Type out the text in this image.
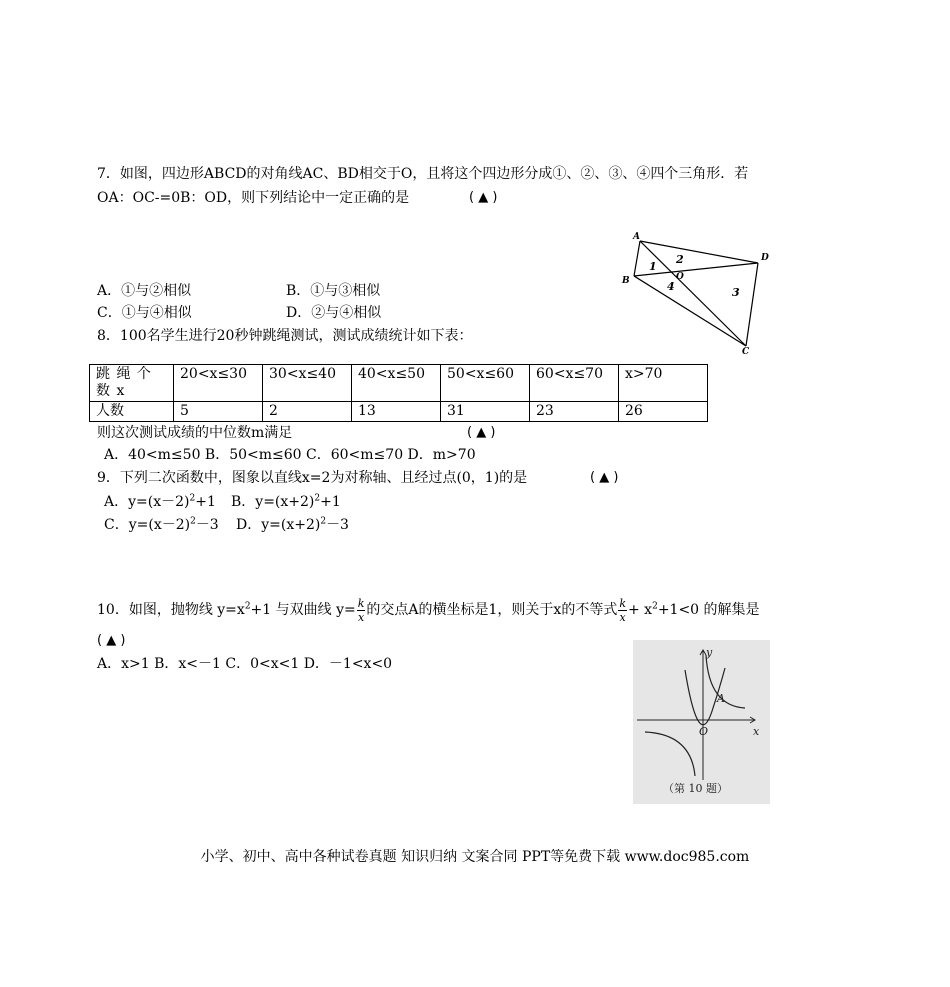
7．如图，四边形ABCD的对角线AC、BD相交于O，且将这个四边形分成①、②、③、④四个三角形．若
OA：OC-=0B：OD，则下列结论中一定正确的是	( ▲ )
A
B
C
D
O
1
2
3
4
A．①与②相似	B．①与③相似
C．①与④相似	D．②与④相似
8．100名学生进行20秒钟跳绳测试，测试成绩统计如下表：
跳 绳 个 数 x	20<x≤30	30<x≤40	40<x≤50	50<x≤60	60<x≤70	x>70
人数	5	2	13	31	23	26
则这次测试成绩的中位数m满足	( ▲ )
A．40<m≤50 B．50<m≤60 C．60<m≤70 D．m>70
9．下列二次函数中，图象以直线x=2为对称轴、且经过点(0，1)的是	( ▲ )
A．$y=(x-2)^2+1$ B．$y=(x+2)^2+1$
C．$y=(x-2)^2-3$ D．$y=(x+2)^2-3$
10．如图，抛物线 $y=x^2+1$ 与双曲线 $y= \frac{k}{x}$ 的交点A的横坐标是1，则关于x的不等式 $\frac{k}{x} + x^2+1<0$ 的解集是
( ▲ )
A．x>1 B．x<－1 C．0<x<1 D．－1<x<0
y
x
O
A
（第 10 题）
小学、初中、高中各种试卷真题 知识归纳 文案合同 PPT等免费下载 www.doc985.com
